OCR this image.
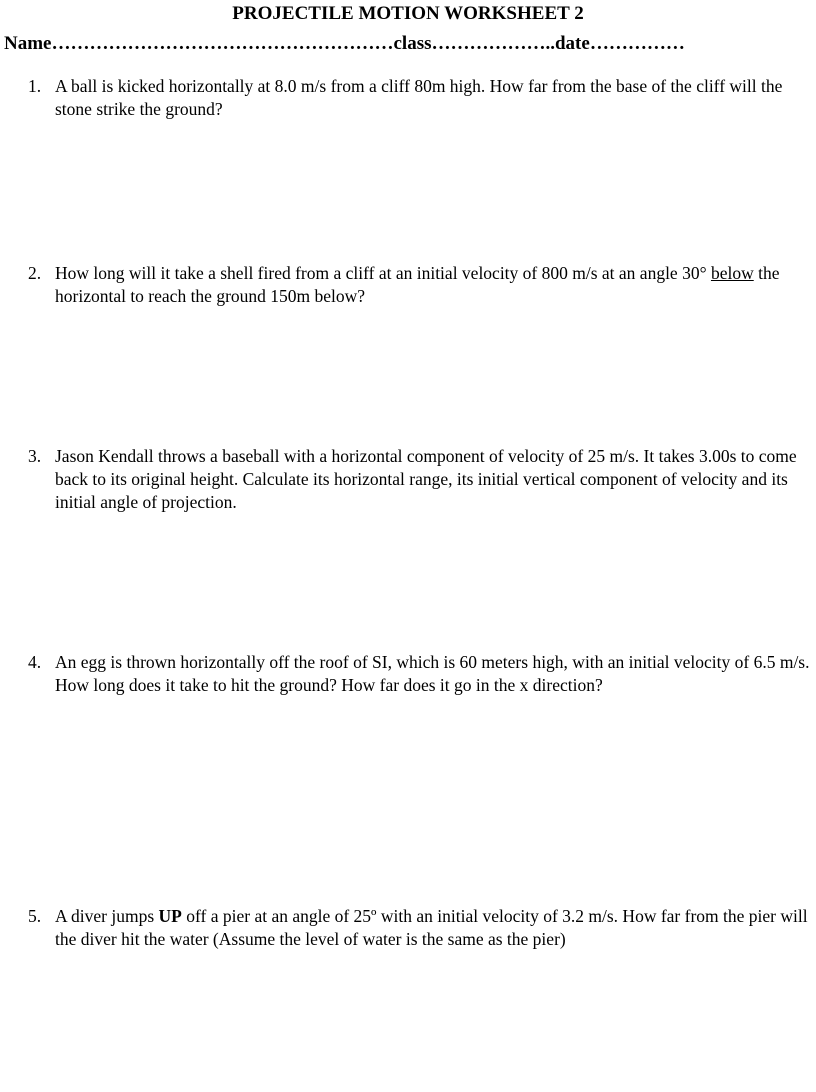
PROJECTILE MOTION WORKSHEET 2
Name………………………………………………class………………..date……………
1. A ball is kicked horizontally at 8.0 m/s from a cliff 80m high. How far from the base of the cliff will the stone strike the ground?
2. How long will it take a shell fired from a cliff at an initial velocity of 800 m/s at an angle 30° below the horizontal to reach the ground 150m below?
3. Jason Kendall throws a baseball with a horizontal component of velocity of 25 m/s. It takes 3.00s to come back to its original height. Calculate its horizontal range, its initial vertical component of velocity and its initial angle of projection.
4. An egg is thrown horizontally off the roof of SI, which is 60 meters high, with an initial velocity of 6.5 m/s. How long does it take to hit the ground? How far does it go in the x direction?
5. A diver jumps UP off a pier at an angle of 25º with an initial velocity of 3.2 m/s. How far from the pier will the diver hit the water (Assume the level of water is the same as the pier)
